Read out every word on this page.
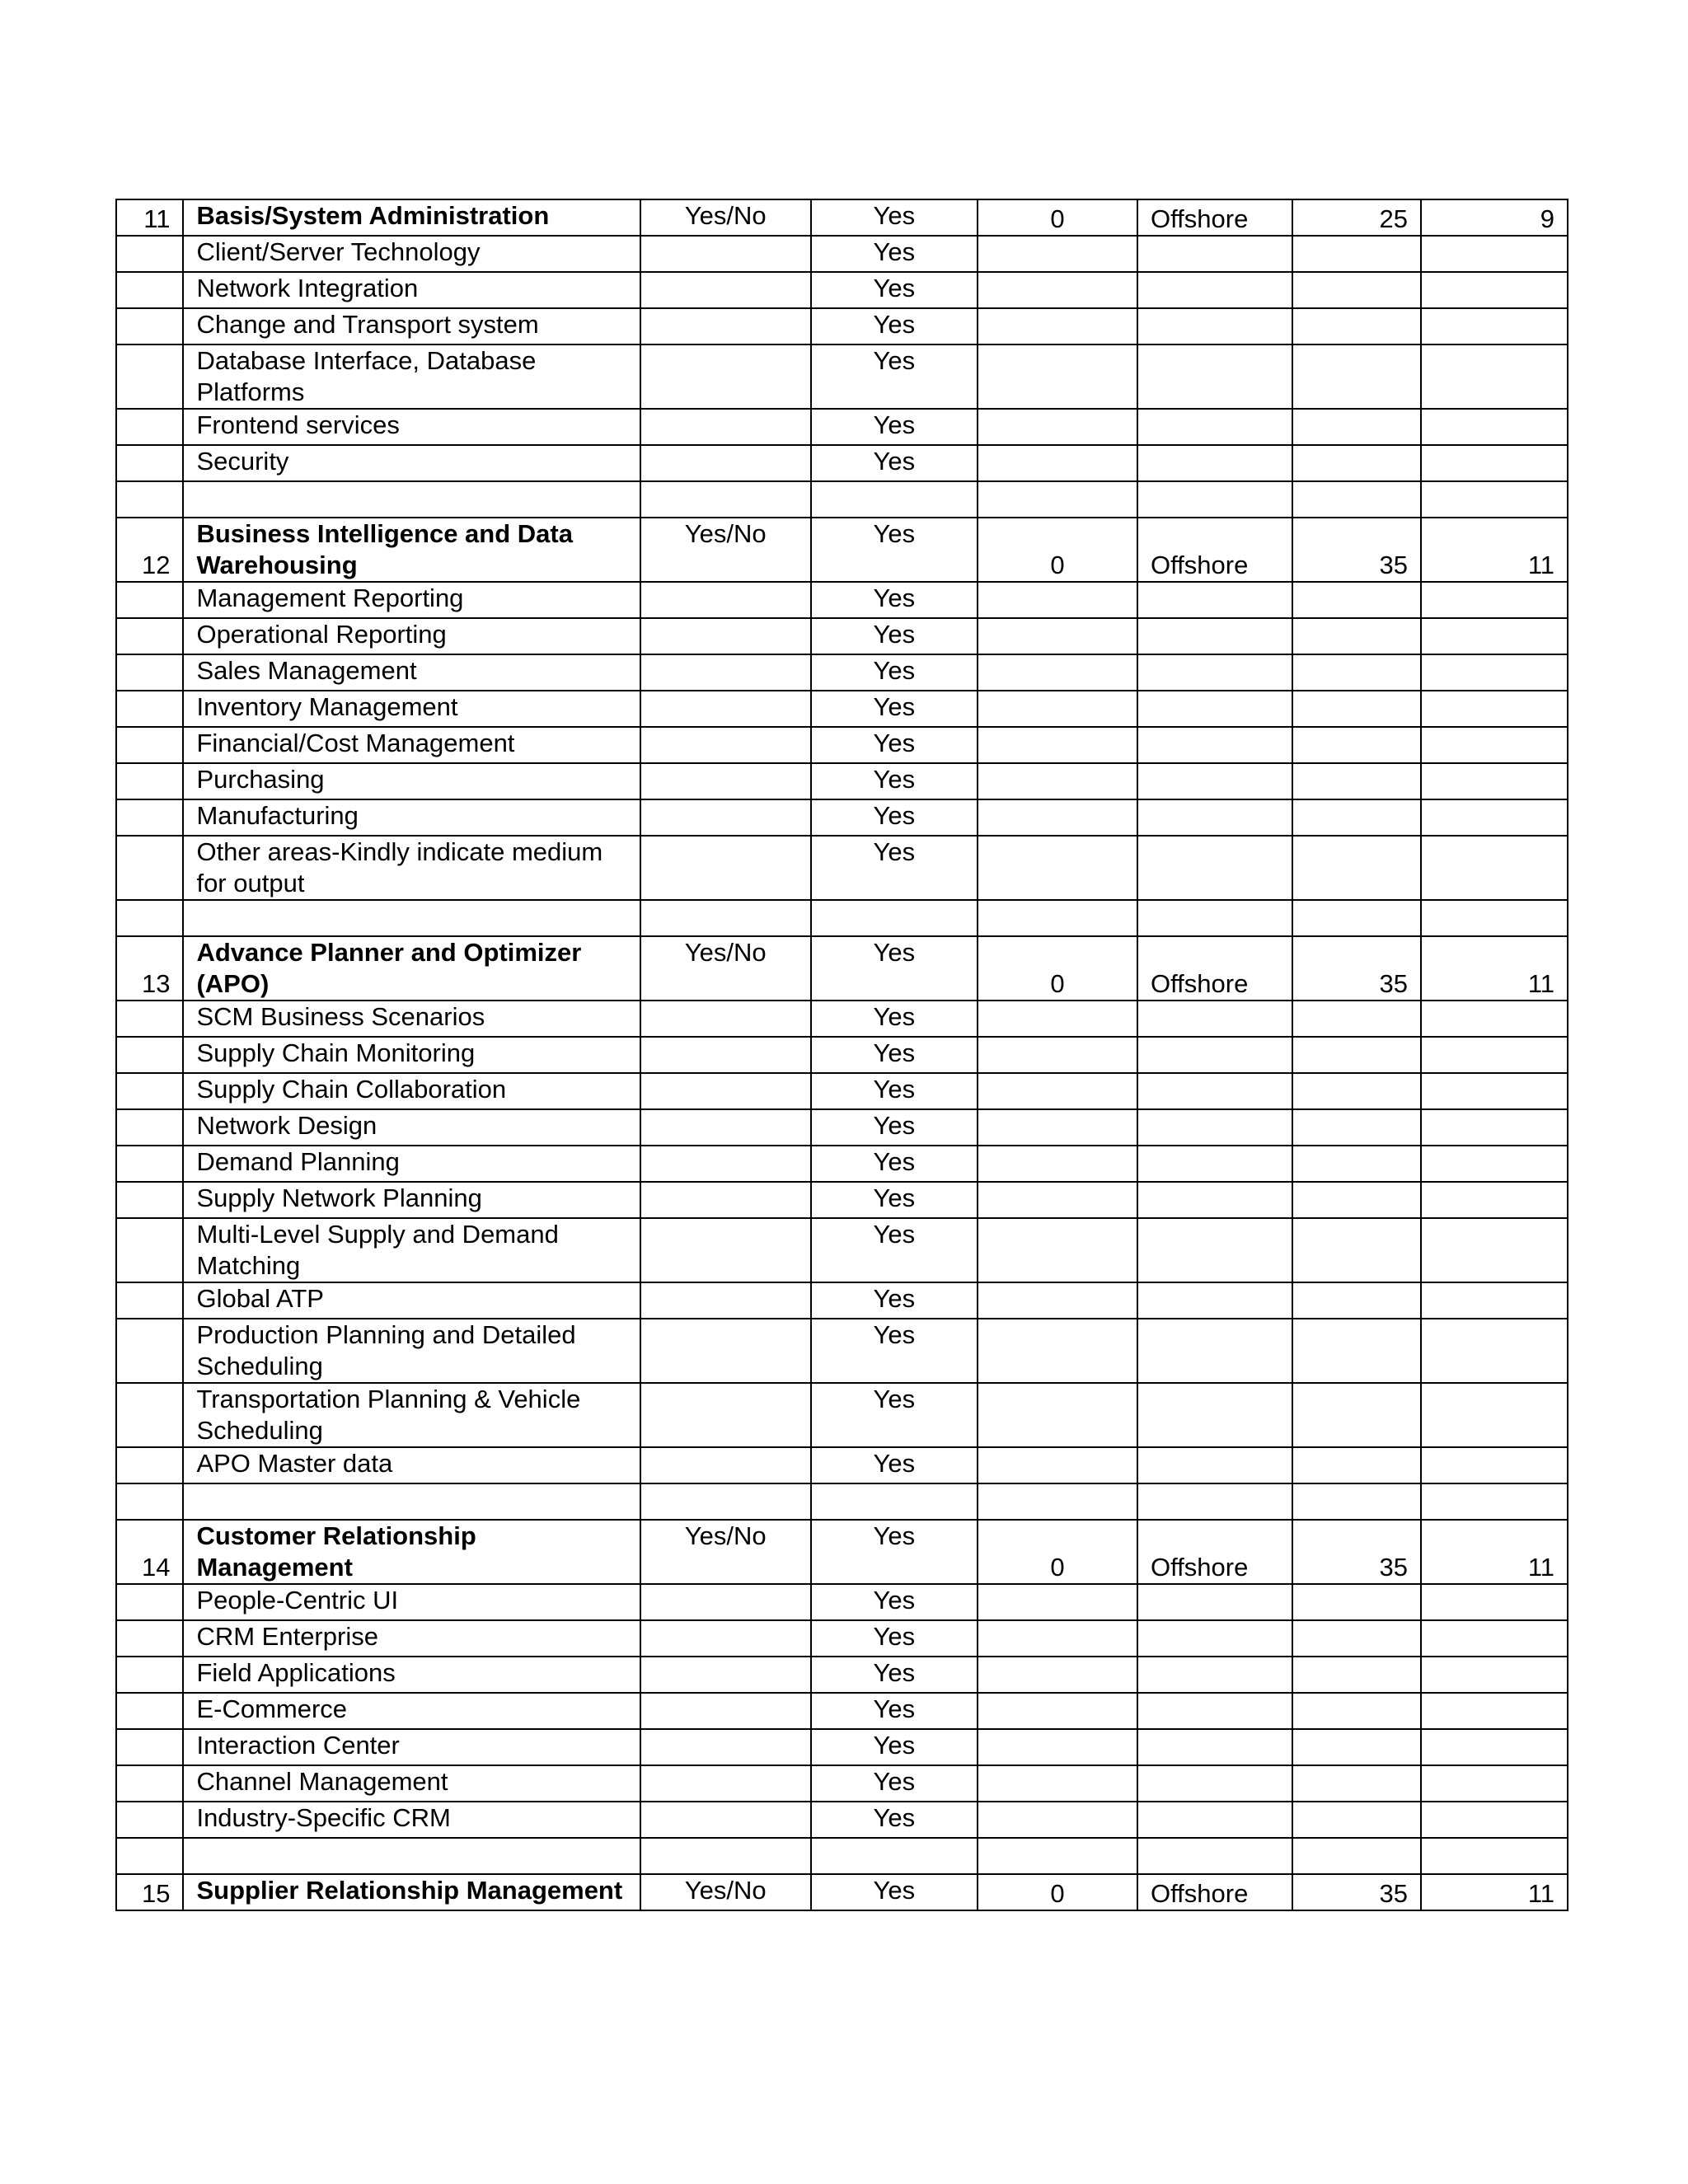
11	Basis/System Administration	Yes/No	Yes	0	Offshore	25	9
	Client/Server Technology		Yes				
	Network Integration		Yes				
	Change and Transport system		Yes				
	Database Interface, Database Platforms		Yes				
	Frontend services		Yes				
	Security		Yes				

12	Business Intelligence and Data Warehousing	Yes/No	Yes	0	Offshore	35	11
	Management Reporting		Yes				
	Operational Reporting		Yes				
	Sales Management		Yes				
	Inventory Management		Yes				
	Financial/Cost Management		Yes				
	Purchasing		Yes				
	Manufacturing		Yes				
	Other areas-Kindly indicate medium for output		Yes				

13	Advance Planner and Optimizer (APO)	Yes/No	Yes	0	Offshore	35	11
	SCM Business Scenarios		Yes				
	Supply Chain Monitoring		Yes				
	Supply Chain Collaboration		Yes				
	Network Design		Yes				
	Demand Planning		Yes				
	Supply Network Planning		Yes				
	Multi-Level Supply and Demand Matching		Yes				
	Global ATP		Yes				
	Production Planning and Detailed Scheduling		Yes				
	Transportation Planning & Vehicle Scheduling		Yes				
	APO Master data		Yes				

14	Customer Relationship Management	Yes/No	Yes	0	Offshore	35	11
	People-Centric UI		Yes				
	CRM Enterprise		Yes				
	Field Applications		Yes				
	E-Commerce		Yes				
	Interaction Center		Yes				
	Channel Management		Yes				
	Industry-Specific CRM		Yes				

15	Supplier Relationship Management	Yes/No	Yes	0	Offshore	35	11
